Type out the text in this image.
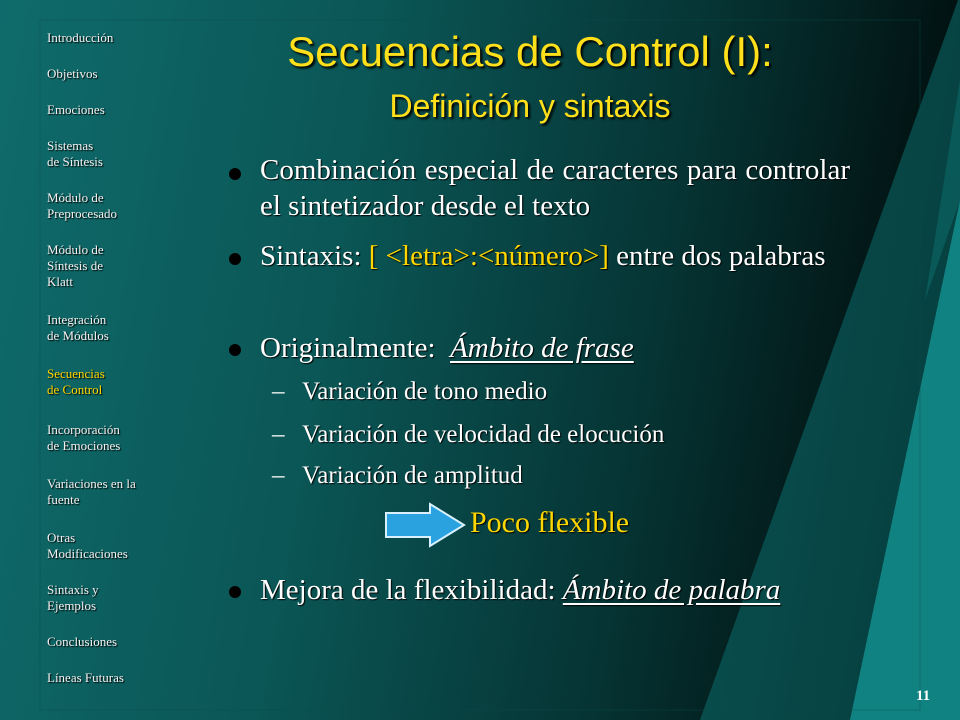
Introducción
Objetivos
Emociones
Sistemas
de Síntesis
Módulo de
Preprocesado
Módulo de
Síntesis de
Klatt
Integración
de Módulos
Secuencias
de Control
Incorporación
de Emociones
Variaciones en la
fuente
Otras
Modificaciones
Sintaxis y
Ejemplos
Conclusiones
Líneas Futuras
Secuencias de Control (I):
Definición y sintaxis
Combinación especial de caracteres para controlar el sintetizador desde el texto
Sintaxis: [ <letra>:<número>] entre dos palabras
Originalmente:  Ámbito de frase
– Variación de tono medio
– Variación de velocidad de elocución
– Variación de amplitud
Poco flexible
Mejora de la flexibilidad: Ámbito de palabra
11
